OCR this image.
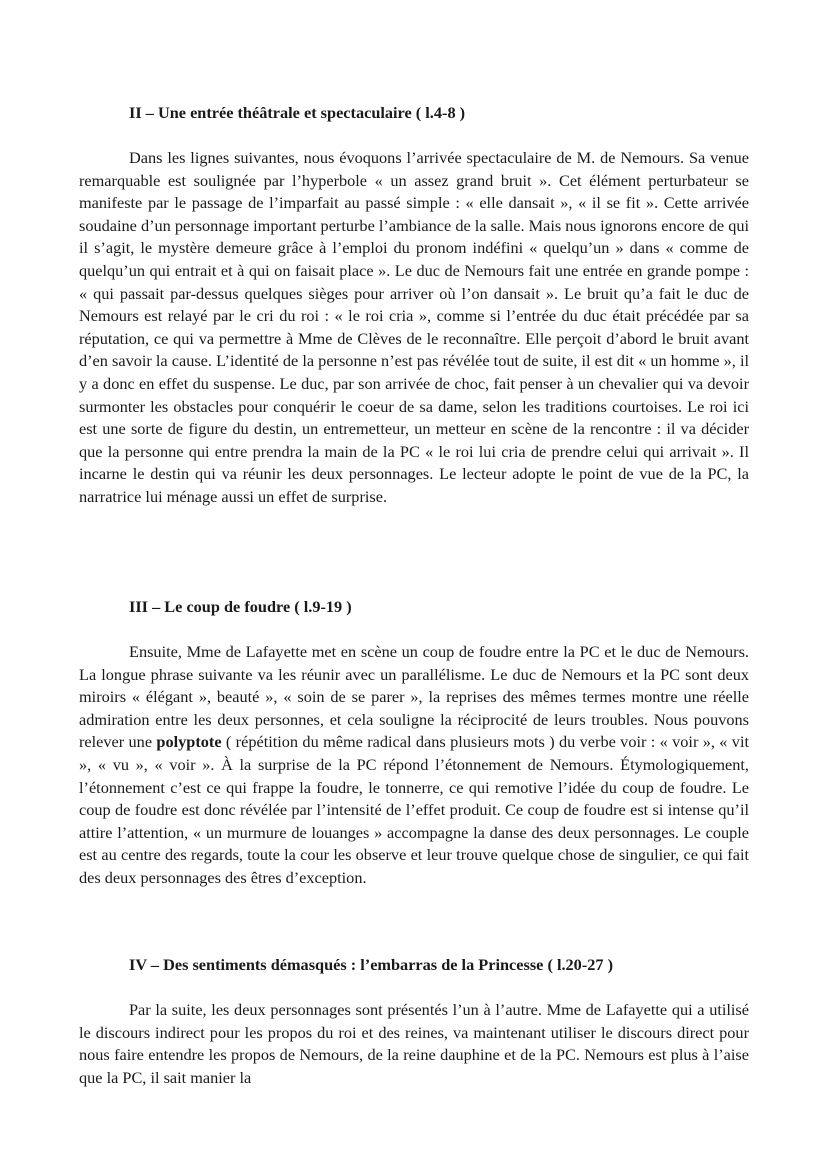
II – Une entrée théâtrale et spectaculaire ( l.4-8 )

Dans les lignes suivantes, nous évoquons l’arrivée spectaculaire de M. de Nemours. Sa venue remarquable est soulignée par l’hyperbole « un assez grand bruit ». Cet élément perturbateur se manifeste par le passage de l’imparfait au passé simple : « elle dansait », « il se fit ». Cette arrivée soudaine d’un personnage important perturbe l’ambiance de la salle. Mais nous ignorons encore de qui il s’agit, le mystère demeure grâce à l’emploi du pronom indéfini « quelqu’un » dans « comme de quelqu’un qui entrait et à qui on faisait place ». Le duc de Nemours fait une entrée en grande pompe : « qui passait par-dessus quelques sièges pour arriver où l’on dansait ». Le bruit qu’a fait le duc de Nemours est relayé par le cri du roi : « le roi cria », comme si l’entrée du duc était précédée par sa réputation, ce qui va permettre à Mme de Clèves de le reconnaître. Elle perçoit d’abord le bruit avant d’en savoir la cause. L’identité de la personne n’est pas révélée tout de suite, il est dit « un homme », il y a donc en effet du suspense. Le duc, par son arrivée de choc, fait penser à un chevalier qui va devoir surmonter les obstacles pour conquérir le coeur de sa dame, selon les traditions courtoises. Le roi ici est une sorte de figure du destin, un entremetteur, un metteur en scène de la rencontre : il va décider que la personne qui entre prendra la main de la PC « le roi lui cria de prendre celui qui arrivait ». Il incarne le destin qui va réunir les deux personnages. Le lecteur adopte le point de vue de la PC, la narratrice lui ménage aussi un effet de surprise.

III – Le coup de foudre ( l.9-19 )

Ensuite, Mme de Lafayette met en scène un coup de foudre entre la PC et le duc de Nemours. La longue phrase suivante va les réunir avec un parallélisme. Le duc de Nemours et la PC sont deux miroirs « élégant », beauté », « soin de se parer », la reprises des mêmes termes montre une réelle admiration entre les deux personnes, et cela souligne la réciprocité de leurs troubles. Nous pouvons relever une polyptote ( répétition du même radical dans plusieurs mots ) du verbe voir : « voir », « vit », « vu », « voir ». À la surprise de la PC répond l’étonnement de Nemours. Étymologiquement, l’étonnement c’est ce qui frappe la foudre, le tonnerre, ce qui remotive l’idée du coup de foudre. Le coup de foudre est donc révélée par l’intensité de l’effet produit. Ce coup de foudre est si intense qu’il attire l’attention, « un murmure de louanges » accompagne la danse des deux personnages. Le couple est au centre des regards, toute la cour les observe et leur trouve quelque chose de singulier, ce qui fait des deux personnages des êtres d’exception.

IV – Des sentiments démasqués : l’embarras de la Princesse ( l.20-27 )

Par la suite, les deux personnages sont présentés l’un à l’autre. Mme de Lafayette qui a utilisé le discours indirect pour les propos du roi et des reines, va maintenant utiliser le discours direct pour nous faire entendre les propos de Nemours, de la reine dauphine et de la PC. Nemours est plus à l’aise que la PC, il sait manier la
